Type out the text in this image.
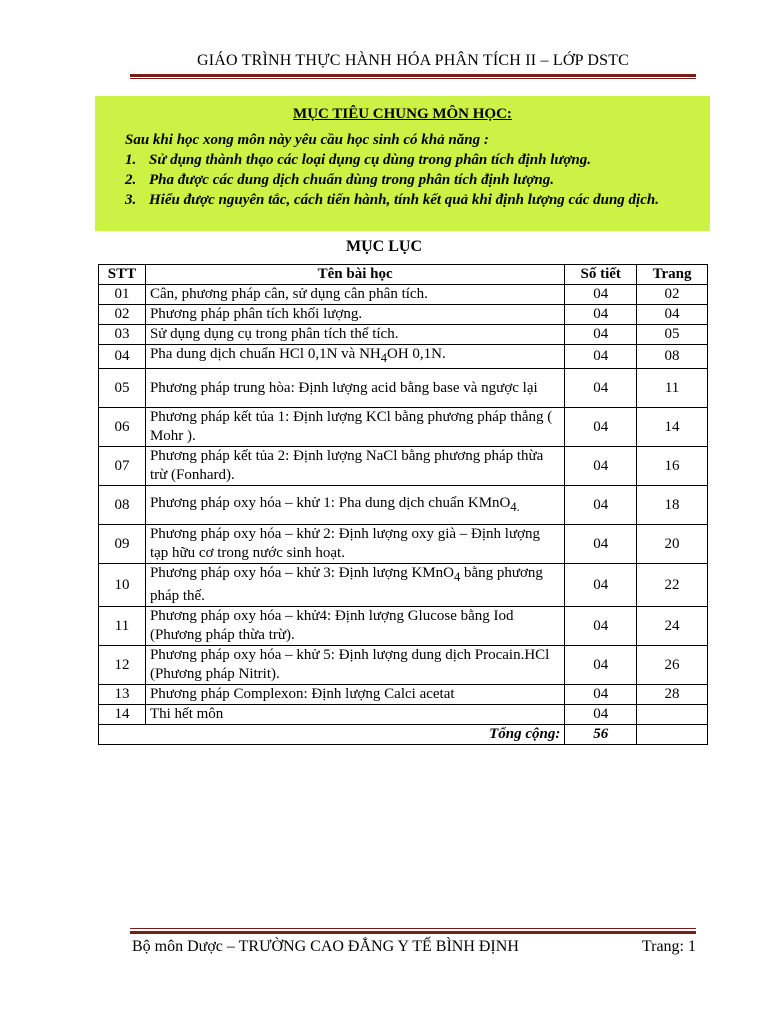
GIÁO TRÌNH THỰC HÀNH HÓA PHÂN TÍCH II – LỚP DSTC
MỤC TIÊU CHUNG MÔN HỌC:
Sau khi học xong môn này yêu cầu học sinh có khả năng :
1. Sử dụng thành thạo các loại dụng cụ dùng trong phân tích định lượng.
2. Pha được các dung dịch chuẩn dùng trong phân tích định lượng.
3. Hiểu được nguyên tắc, cách tiến hành, tính kết quả khi định lượng các dung dịch.
MỤC LỤC
STT	Tên bài học	Số tiết	Trang
01	Cân, phương pháp cân, sử dụng cân phân tích.	04	02
02	Phương pháp phân tích khối lượng.	04	04
03	Sử dụng dụng cụ trong phân tích thể tích.	04	05
04	Pha dung dịch chuẩn HCl 0,1N và $NH_4OH$ 0,1N.	04	08
05	Phương pháp trung hòa: Định lượng acid bằng base và ngược lại	04	11
06	Phương pháp kết tủa 1: Định lượng KCl bằng phương pháp thẳng ( Mohr ).	04	14
07	Phương pháp kết tủa 2: Định lượng NaCl bằng phương pháp thừa trừ (Fonhard).	04	16
08	Phương pháp oxy hóa – khử 1: Pha dung dịch chuẩn KMnO$_{4.}$	04	18
09	Phương pháp oxy hóa – khử 2: Định lượng oxy già – Định lượng tạp hữu cơ trong nước sinh hoạt.	04	20
10	Phương pháp oxy hóa – khử 3: Định lượng KMnO$_4$ bằng phương pháp thế.	04	22
11	Phương pháp oxy hóa – khử4: Định lượng Glucose bằng Iod (Phương pháp thừa trừ).	04	24
12	Phương pháp oxy hóa – khử 5: Định lượng dung dịch Procain.HCl (Phương pháp Nitrit).	04	26
13	Phương pháp Complexon: Định lượng Calci acetat	04	28
14	Thi hết môn	04	
Tổng cộng:		56	
Bộ môn Dược – TRƯỜNG CAO ĐẲNG Y TẾ BÌNH ĐỊNH	Trang: 1
